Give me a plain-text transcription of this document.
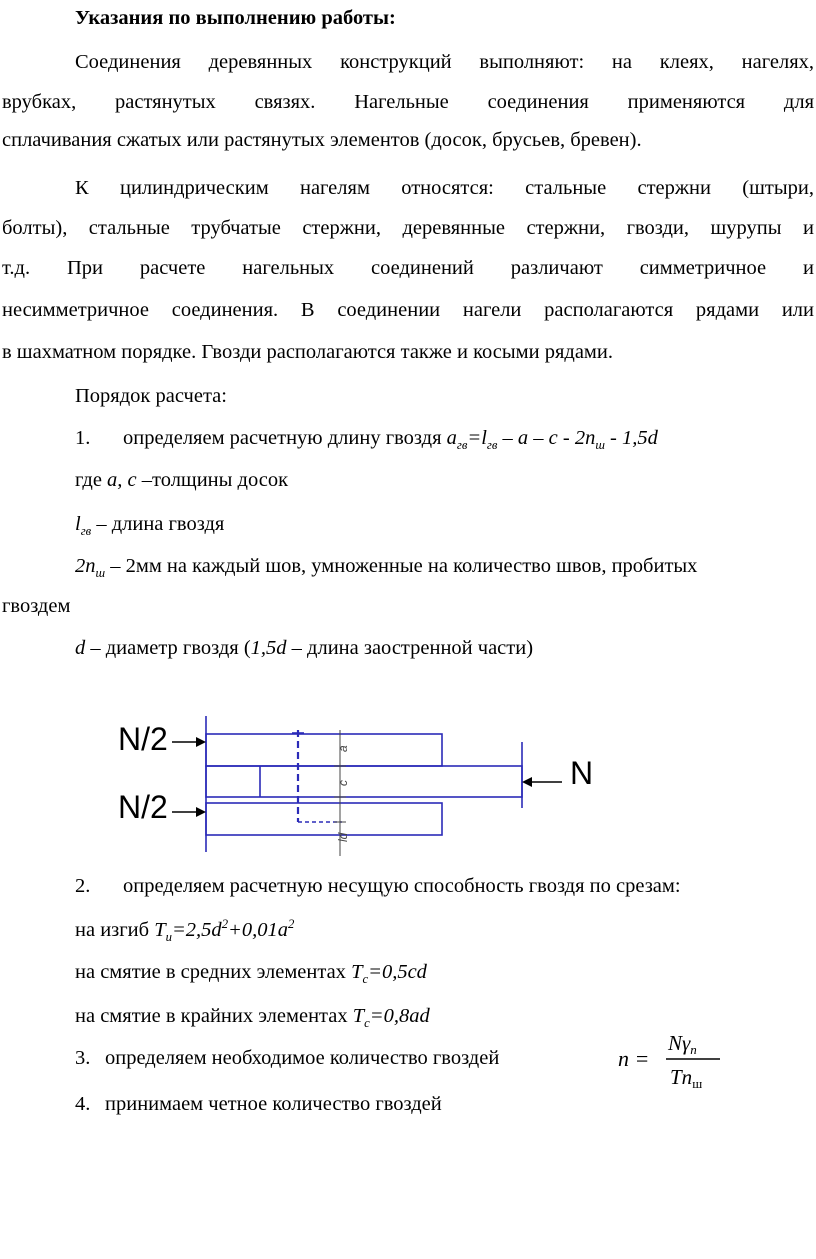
Указания по выполнению работы:
Соединения деревянных конструкций выполняют: на клеях, нагелях,
врубках, растянутых связях. Нагельные соединения применяются для
сплачивания сжатых или растянутых элементов (досок, брусьев, бревен).
К цилиндрическим нагелям относятся: стальные стержни (штыри,
болты), стальные трубчатые стержни, деревянные стержни, гвозди, шурупы и
т.д. При расчете нагельных соединений различают симметричное и
несимметричное соединения. В соединении нагели располагаются рядами или
в шахматном порядке. Гвозди располагаются также и косыми рядами.
Порядок расчета:
1. определяем расчетную длину гвоздя $a_{гв}=l_{гв} - a - c - 2n_ш - 1,5d$
где a, c –толщины досок
$l_{гв}$ – длина гвоздя
$2n_ш - 2мм$ на каждый шов, умноженные на количество швов, пробитых
гвоздем
d – диаметр гвоздя (1,5d – длина заостренной части)
N/2
N/2
N
a
c
ld
2. определяем расчетную несущую способность гвоздя по срезам:
на изгиб $T_и=2,5d^2+0,01a^2$
на смятие в средних элементах $T_c=0,5cd$
на смятие в крайних элементах $T_c=0,8ad$
3. определяем необходимое количество гвоздей	n =
Nγn
Tnш
4. принимаем четное количество гвоздей
